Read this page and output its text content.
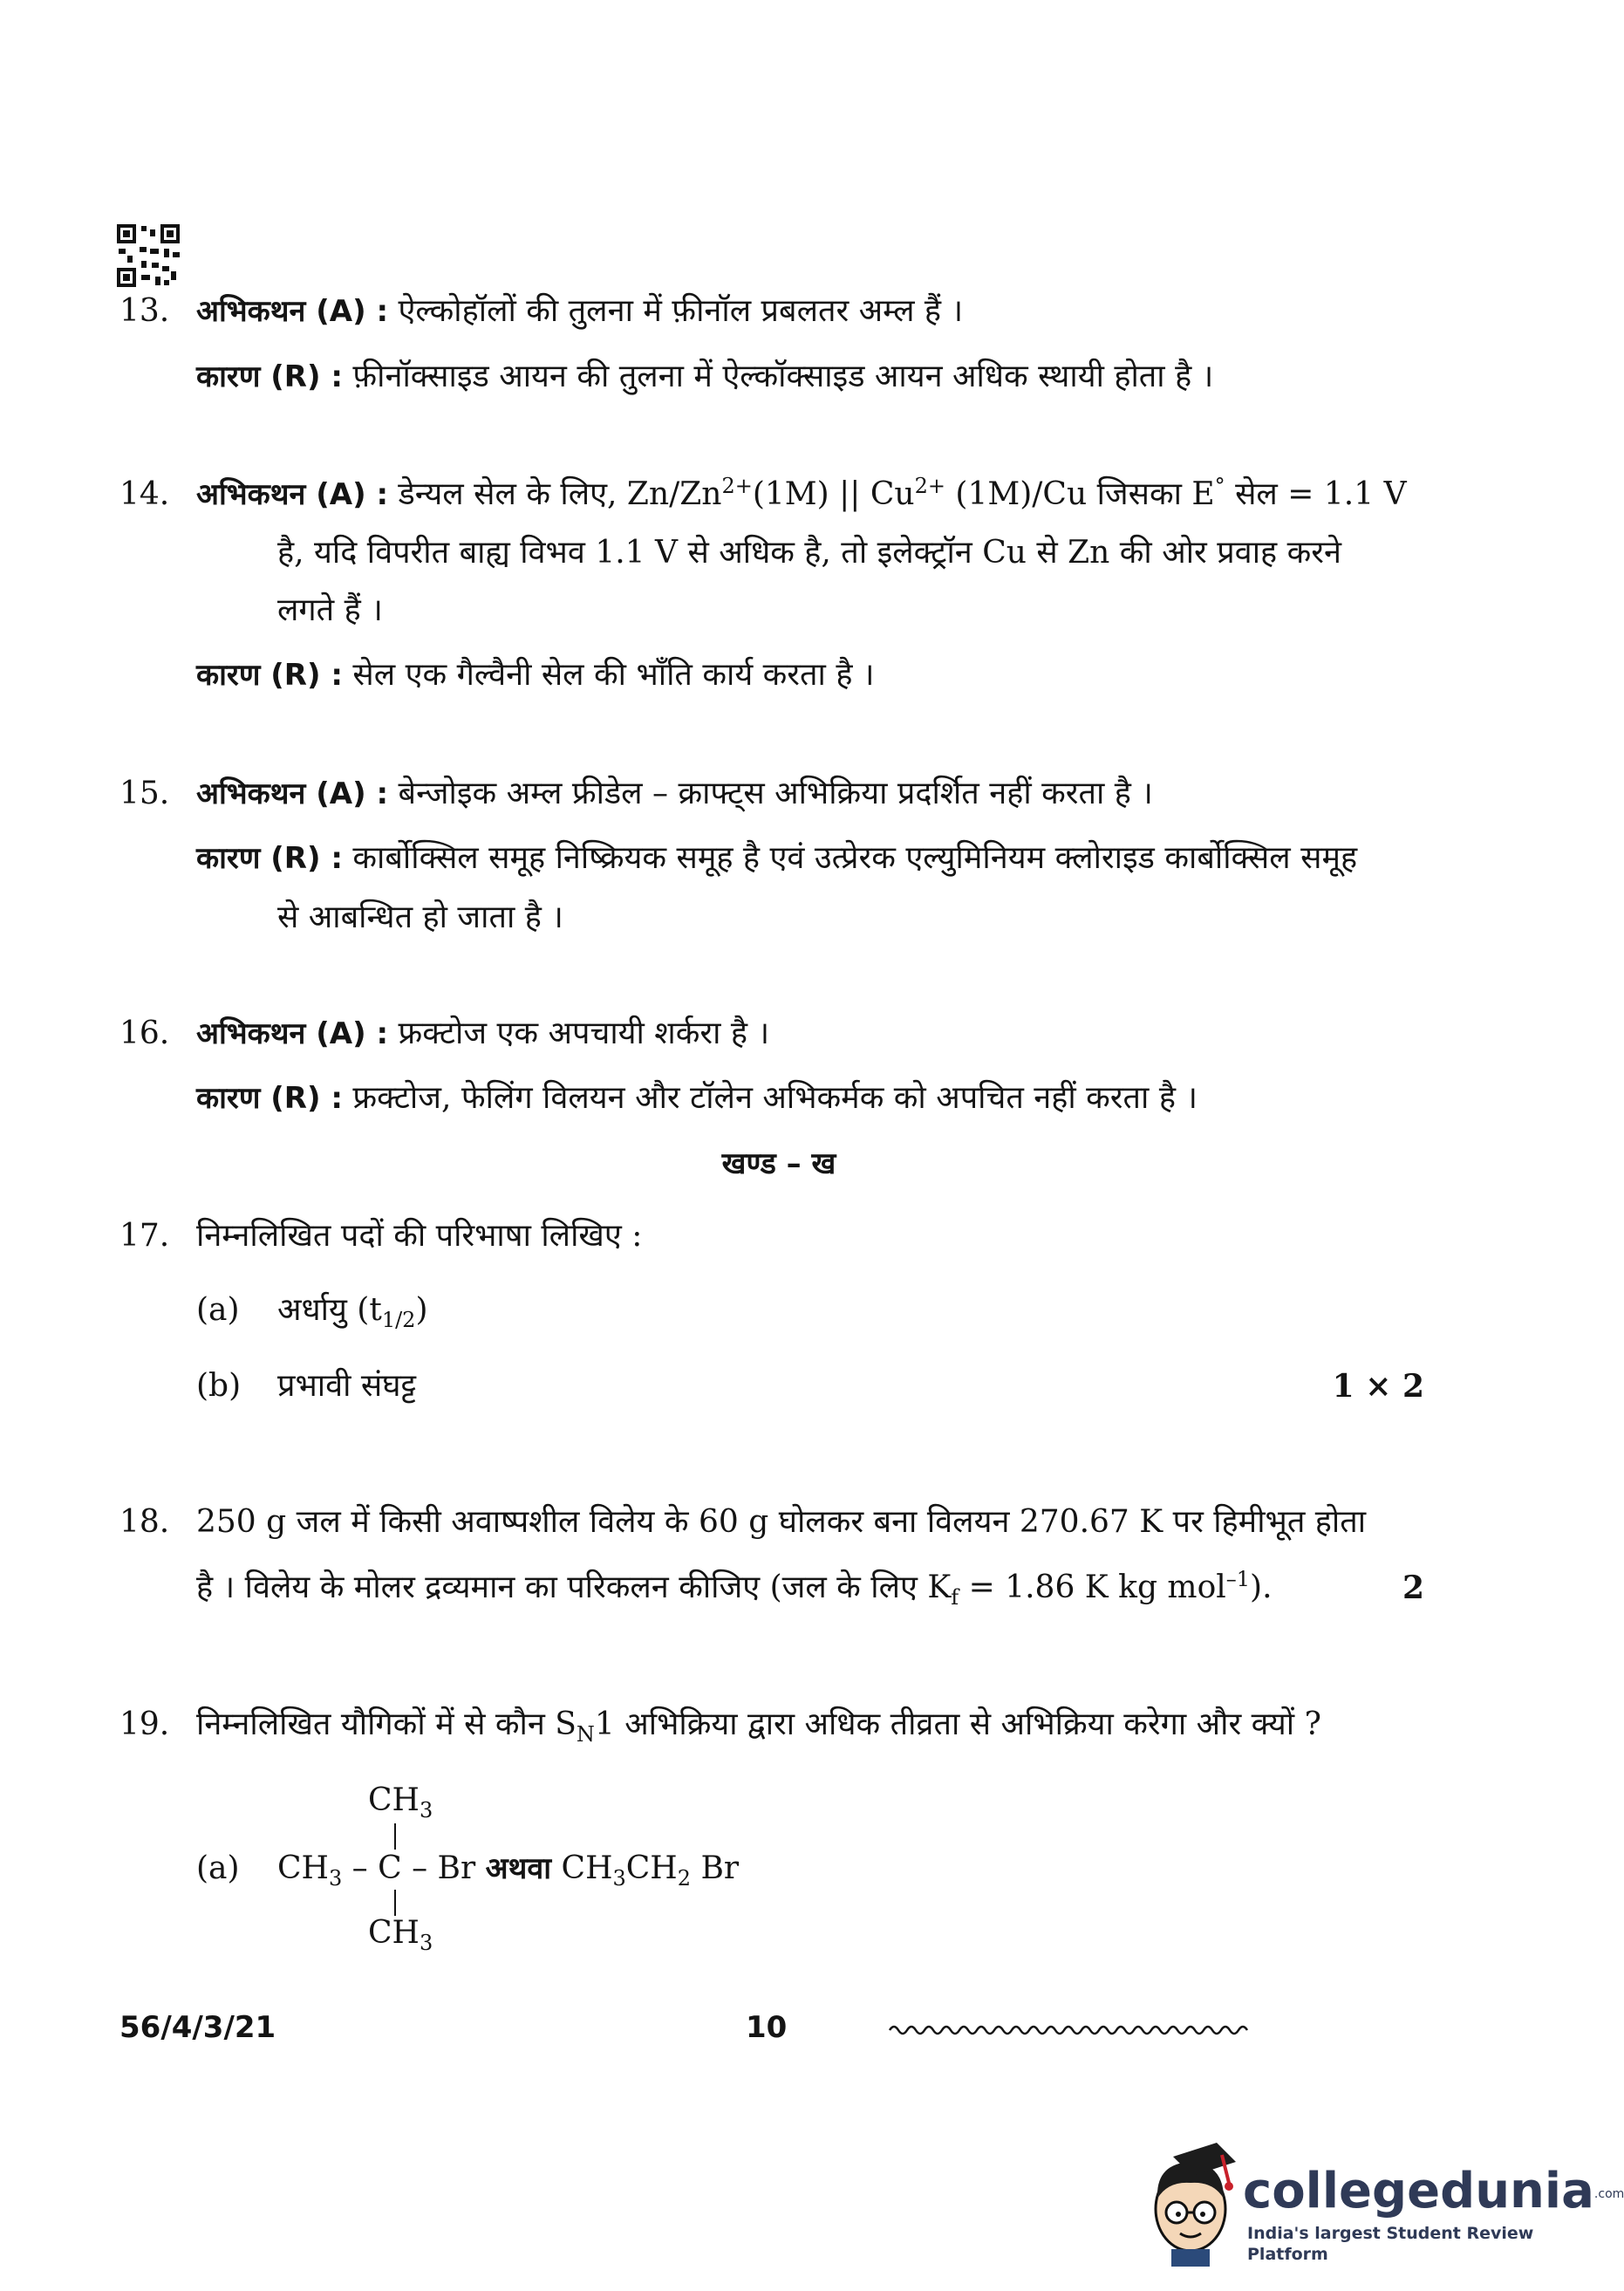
13. अभिकथन (A) : ऐल्कोहॉलों की तुलना में फ़ीनॉल प्रबलतर अम्ल हैं ।
कारण (R) : फ़ीनॉक्साइड आयन की तुलना में ऐल्कॉक्साइड आयन अधिक स्थायी होता है ।
14. अभिकथन (A) : डेन्यल सेल के लिए, $Zn/Zn^{2+}(1M)$ || $Cu^{2+}$ (1M)/Cu जिसका E° सेल = 1.1 V
है, यदि विपरीत बाह्य विभव 1.1 V से अधिक है, तो इलेक्ट्रॉन Cu से Zn की ओर प्रवाह करने
लगते हैं ।
कारण (R) : सेल एक गैल्वैनी सेल की भाँति कार्य करता है ।
15. अभिकथन (A) : बेन्जोइक अम्ल फ्रीडेल – क्राफ्ट्स अभिक्रिया प्रदर्शित नहीं करता है ।
कारण (R) : कार्बोक्सिल समूह निष्क्रियक समूह है एवं उत्प्रेरक एल्युमिनियम क्लोराइड कार्बोक्सिल समूह
से आबन्धित हो जाता है ।
16. अभिकथन (A) : फ्रक्टोज एक अपचायी शर्करा है ।
कारण (R) : फ्रक्टोज, फेलिंग विलयन और टॉलेन अभिकर्मक को अपचित नहीं करता है ।
खण्ड – ख
17. निम्नलिखित पदों की परिभाषा लिखिए :
(a) अर्धायु $(t_{1/2})$
(b) प्रभावी संघट्ट	1 × 2
18. 250 g जल में किसी अवाष्पशील विलेय के 60 g घोलकर बना विलयन 270.67 K पर हिमीभूत होता
है । विलेय के मोलर द्रव्यमान का परिकलन कीजिए (जल के लिए $K_f = 1.86$ K kg mol$^{-1}$).	2
19. निम्नलिखित यौगिकों में से कौन $S_N1$ अभिक्रिया द्वारा अधिक तीव्रता से अभिक्रिया करेगा और क्यों ?
$CH_3$
(a) $CH_3$ – C – Br अथवा $CH_3CH_2$ Br
$CH_3$
56/4/3/21	10
collegedunia.com
India's largest Student Review Platform
